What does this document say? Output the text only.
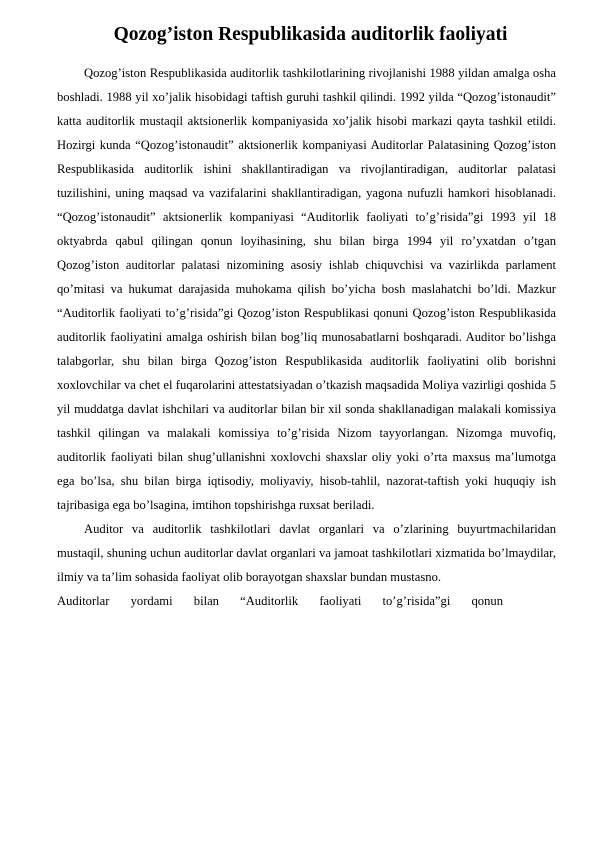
Qozog’iston Respublikasida auditorlik faoliyati

Qozog’iston Respublikasida auditorlik tashkilotlarining rivojlanishi 1988 yildan amalga osha boshladi. 1988 yil xo’jalik hisobidagi taftish guruhi tashkil qilindi. 1992 yilda “Qozog’istonaudit” katta auditorlik mustaqil aktsionerlik kompaniyasida xo’jalik hisobi markazi qayta tashkil etildi. Hozirgi kunda “Qozog’istonaudit” aktsionerlik kompaniyasi Auditorlar Palatasining Qozog’iston Respublikasida auditorlik ishini shakllantiradigan va rivojlantiradigan, auditorlar palatasi tuzilishini, uning maqsad va vazifalarini shakllantiradigan, yagona nufuzli hamkori hisoblanadi. “Qozog’istonaudit” aktsionerlik kompaniyasi “Auditorlik faoliyati to’g’risida”gi 1993 yil 18 oktyabrda qabul qilingan qonun loyihasining, shu bilan birga 1994 yil ro’yxatdan o’tgan Qozog’iston auditorlar palatasi nizomining asosiy ishlab chiquvchisi va vazirlikda parlament qo’mitasi va hukumat darajasida muhokama qilish bo’yicha bosh maslahatchi bo’ldi. Mazkur “Auditorlik faoliyati to’g’risida”gi Qozog’iston Respublikasi qonuni Qozog’iston Respublikasida auditorlik faoliyatini amalga oshirish bilan bog’liq munosabatlarni boshqaradi. Auditor bo’lishga talabgorlar, shu bilan birga Qozog’iston Respublikasida auditorlik faoliyatini olib borishni xoxlovchilar va chet el fuqarolarini attestatsiyadan o’tkazish maqsadida Moliya vazirligi qoshida 5 yil muddatga davlat ishchilari va auditorlar bilan bir xil sonda shakllanadigan malakali komissiya tashkil qilingan va malakali komissiya to’g’risida Nizom tayyorlangan. Nizomga muvofiq, auditorlik faoliyati bilan shug’ullanishni xoxlovchi shaxslar oliy yoki o’rta maxsus ma’lumotga ega bo’lsa, shu bilan birga iqtisodiy, moliyaviy, hisob-tahlil, nazorat-taftish yoki huquqiy ish tajribasiga ega bo’lsagina, imtihon topshirishga ruxsat beriladi.

Auditor va auditorlik tashkilotlari davlat organlari va o’zlarining buyurtmachilaridan mustaqil, shuning uchun auditorlar davlat organlari va jamoat tashkilotlari xizmatida bo’lmaydilar, ilmiy va ta’lim sohasida faoliyat olib borayotgan shaxslar bundan mustasno.

Auditorlar yordami bilan “Auditorlik faoliyati to’g’risida”gi qonun
